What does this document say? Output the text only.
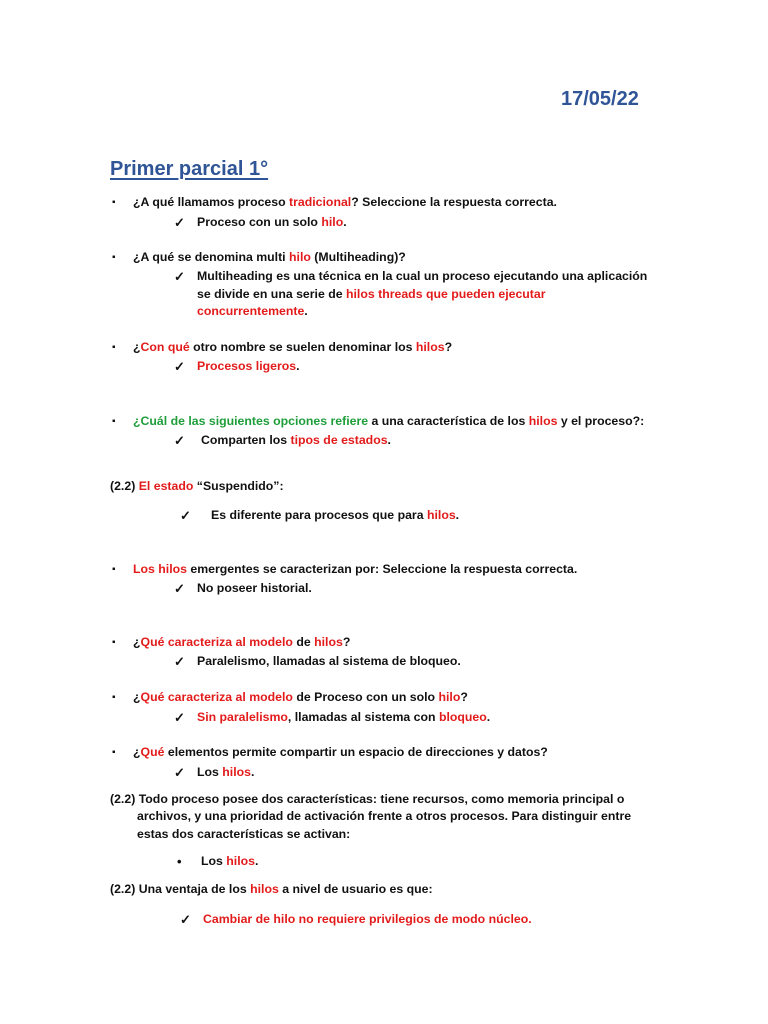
17/05/22
Primer parcial 1°
▪ ¿A qué llamamos proceso tradicional? Seleccione la respuesta correcta.
✓ Proceso con un solo hilo.
▪ ¿A qué se denomina multi hilo (Multiheading)?
✓ Multiheading es una técnica en la cual un proceso ejecutando una aplicación
se divide en una serie de hilos threads que pueden ejecutar
concurrentemente.
▪ ¿Con qué otro nombre se suelen denominar los hilos?
✓ Procesos ligeros.
▪ ¿Cuál de las siguientes opciones refiere a una característica de los hilos y el proceso?:
✓ Comparten los tipos de estados.
(2.2) El estado “Suspendido”:
✓ Es diferente para procesos que para hilos.
▪ Los hilos emergentes se caracterizan por: Seleccione la respuesta correcta.
✓ No poseer historial.
▪ ¿Qué caracteriza al modelo de hilos?
✓ Paralelismo, llamadas al sistema de bloqueo.
▪ ¿Qué caracteriza al modelo de Proceso con un solo hilo?
✓ Sin paralelismo, llamadas al sistema con bloqueo.
▪ ¿Qué elementos permite compartir un espacio de direcciones y datos?
✓ Los hilos.
(2.2) Todo proceso posee dos características: tiene recursos, como memoria principal o
archivos, y una prioridad de activación frente a otros procesos. Para distinguir entre
estas dos características se activan:
• Los hilos.
(2.2) Una ventaja de los hilos a nivel de usuario es que:
✓ Cambiar de hilo no requiere privilegios de modo núcleo.
